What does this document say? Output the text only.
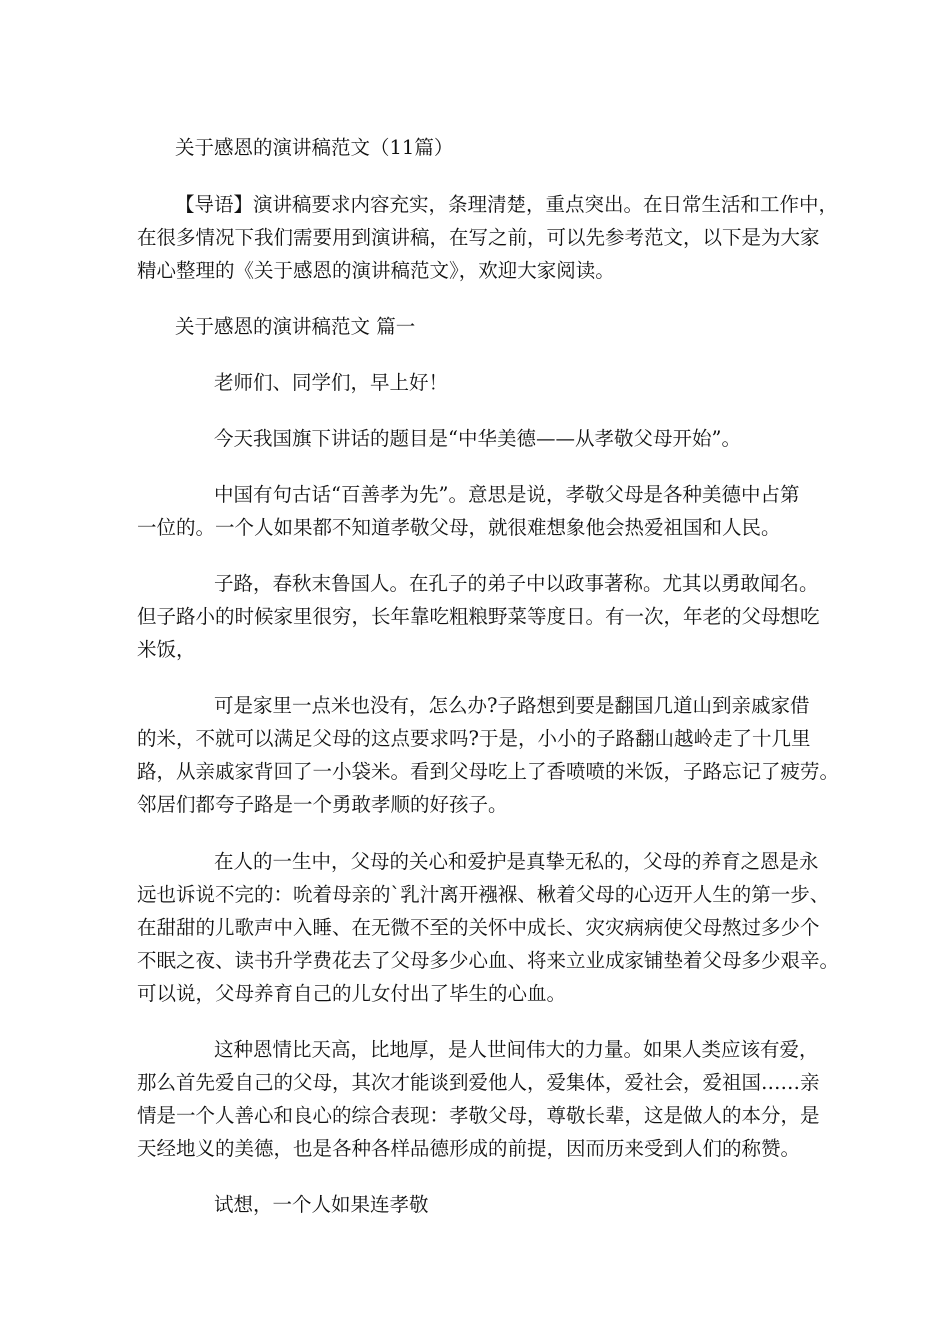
关于感恩的演讲稿范文（11篇）
【导语】演讲稿要求内容充实，条理清楚，重点突出。在日常生活和工作中，
在很多情况下我们需要用到演讲稿，在写之前，可以先参考范文，以下是为大家
精心整理的《关于感恩的演讲稿范文》，欢迎大家阅读。
关于感恩的演讲稿范文 篇一
老师们、同学们，早上好！
今天我国旗下讲话的题目是“中华美德——从孝敬父母开始”。
中国有句古话“百善孝为先”。意思是说，孝敬父母是各种美德中占第
一位的。一个人如果都不知道孝敬父母，就很难想象他会热爱祖国和人民。
子路，春秋末鲁国人。在孔子的弟子中以政事著称。尤其以勇敢闻名。
但子路小的时候家里很穷，长年靠吃粗粮野菜等度日。有一次，年老的父母想吃
米饭，
可是家里一点米也没有，怎么办?子路想到要是翻国几道山到亲戚家借
的米，不就可以满足父母的这点要求吗?于是，小小的子路翻山越岭走了十几里
路，从亲戚家背回了一小袋米。看到父母吃上了香喷喷的米饭，子路忘记了疲劳。
邻居们都夸子路是一个勇敢孝顺的好孩子。
在人的一生中，父母的关心和爱护是真挚无私的，父母的养育之恩是永
远也诉说不完的：吮着母亲的`乳汁离开襁褓、楸着父母的心迈开人生的第一步、
在甜甜的儿歌声中入睡、在无微不至的关怀中成长、灾灾病病使父母熬过多少个
不眠之夜、读书升学费花去了父母多少心血、将来立业成家铺垫着父母多少艰辛。
可以说，父母养育自己的儿女付出了毕生的心血。
这种恩情比天高，比地厚，是人世间伟大的力量。如果人类应该有爱，
那么首先爱自己的父母，其次才能谈到爱他人，爱集体，爱社会，爱祖国……亲
情是一个人善心和良心的综合表现：孝敬父母，尊敬长辈，这是做人的本分，是
天经地义的美德，也是各种各样品德形成的前提，因而历来受到人们的称赞。
试想，一个人如果连孝敬
